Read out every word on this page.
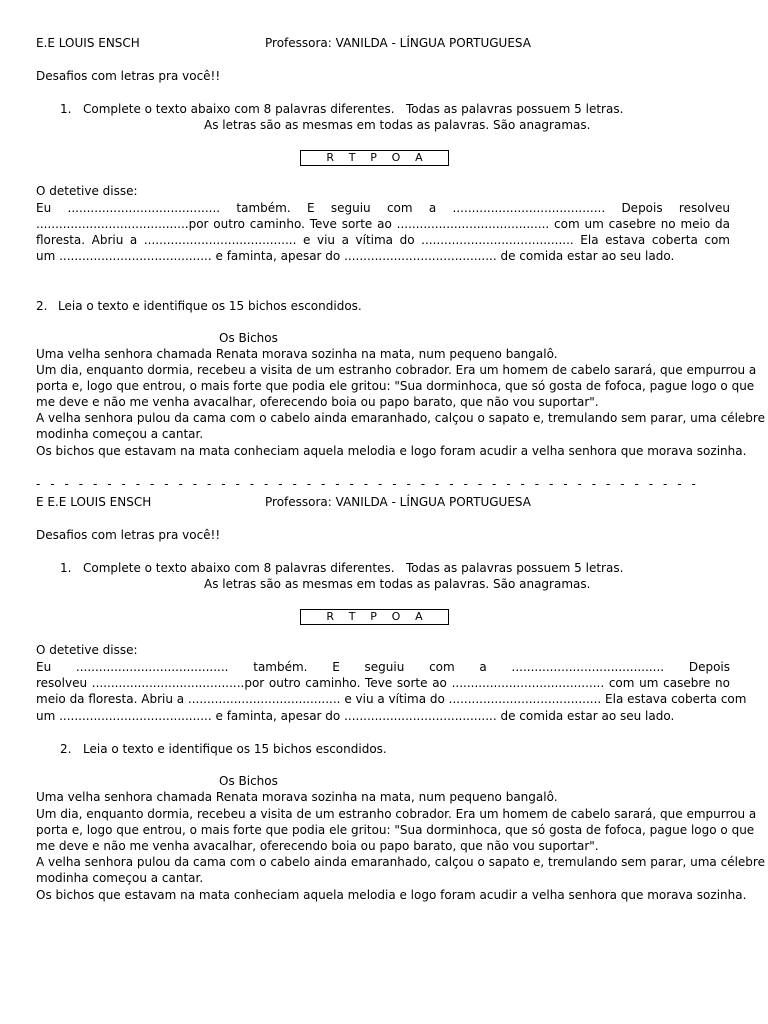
E.E LOUIS ENSCH	Professora: VANILDA - LÍNGUA PORTUGUESA
Desafios com letras pra você!!
1. Complete o texto abaixo com 8 palavras diferentes.   Todas as palavras possuem 5 letras.
As letras são as mesmas em todas as palavras. São anagramas.
R T P O A
O detetive disse:
Eu ........................................ também. E seguiu com a ........................................ Depois resolveu
........................................por outro caminho. Teve sorte ao ........................................ com um casebre no meio da
floresta. Abriu a ........................................ e viu a vítima do ........................................ Ela estava coberta com
um ........................................ e faminta, apesar do ........................................ de comida estar ao seu lado.
2. Leia o texto e identifique os 15 bichos escondidos.
Os Bichos
Uma velha senhora chamada Renata morava sozinha na mata, num pequeno bangalô.
Um dia, enquanto dormia, recebeu a visita de um estranho cobrador. Era um homem de cabelo sarará, que empurrou a
porta e, logo que entrou, o mais forte que podia ele gritou: "Sua dorminhoca, que só gosta de fofoca, pague logo o que
me deve e não me venha avacalhar, oferecendo boia ou papo barato, que não vou suportar".
A velha senhora pulou da cama com o cabelo ainda emaranhado, calçou o sapato e, tremulando sem parar, uma célebre
modinha começou a cantar.
Os bichos que estavam na mata conheciam aquela melodia e logo foram acudir a velha senhora que morava sozinha.
- - - - - - - - - - - - - - - - - - - - - - - - - - - - - - - - - - - - - - - - - - - - - - -
E E.E LOUIS ENSCH	Professora: VANILDA - LÍNGUA PORTUGUESA
Desafios com letras pra você!!
1. Complete o texto abaixo com 8 palavras diferentes.   Todas as palavras possuem 5 letras.
As letras são as mesmas em todas as palavras. São anagramas.
R T P O A
O detetive disse:
Eu ........................................ também. E seguiu com a ........................................ Depois
resolveu ........................................por outro caminho. Teve sorte ao ........................................ com um casebre no
meio da floresta. Abriu a ........................................ e viu a vítima do ........................................ Ela estava coberta com
um ........................................ e faminta, apesar do ........................................ de comida estar ao seu lado.
2. Leia o texto e identifique os 15 bichos escondidos.
Os Bichos
Uma velha senhora chamada Renata morava sozinha na mata, num pequeno bangalô.
Um dia, enquanto dormia, recebeu a visita de um estranho cobrador. Era um homem de cabelo sarará, que empurrou a
porta e, logo que entrou, o mais forte que podia ele gritou: "Sua dorminhoca, que só gosta de fofoca, pague logo o que
me deve e não me venha avacalhar, oferecendo boia ou papo barato, que não vou suportar".
A velha senhora pulou da cama com o cabelo ainda emaranhado, calçou o sapato e, tremulando sem parar, uma célebre
modinha começou a cantar.
Os bichos que estavam na mata conheciam aquela melodia e logo foram acudir a velha senhora que morava sozinha.
